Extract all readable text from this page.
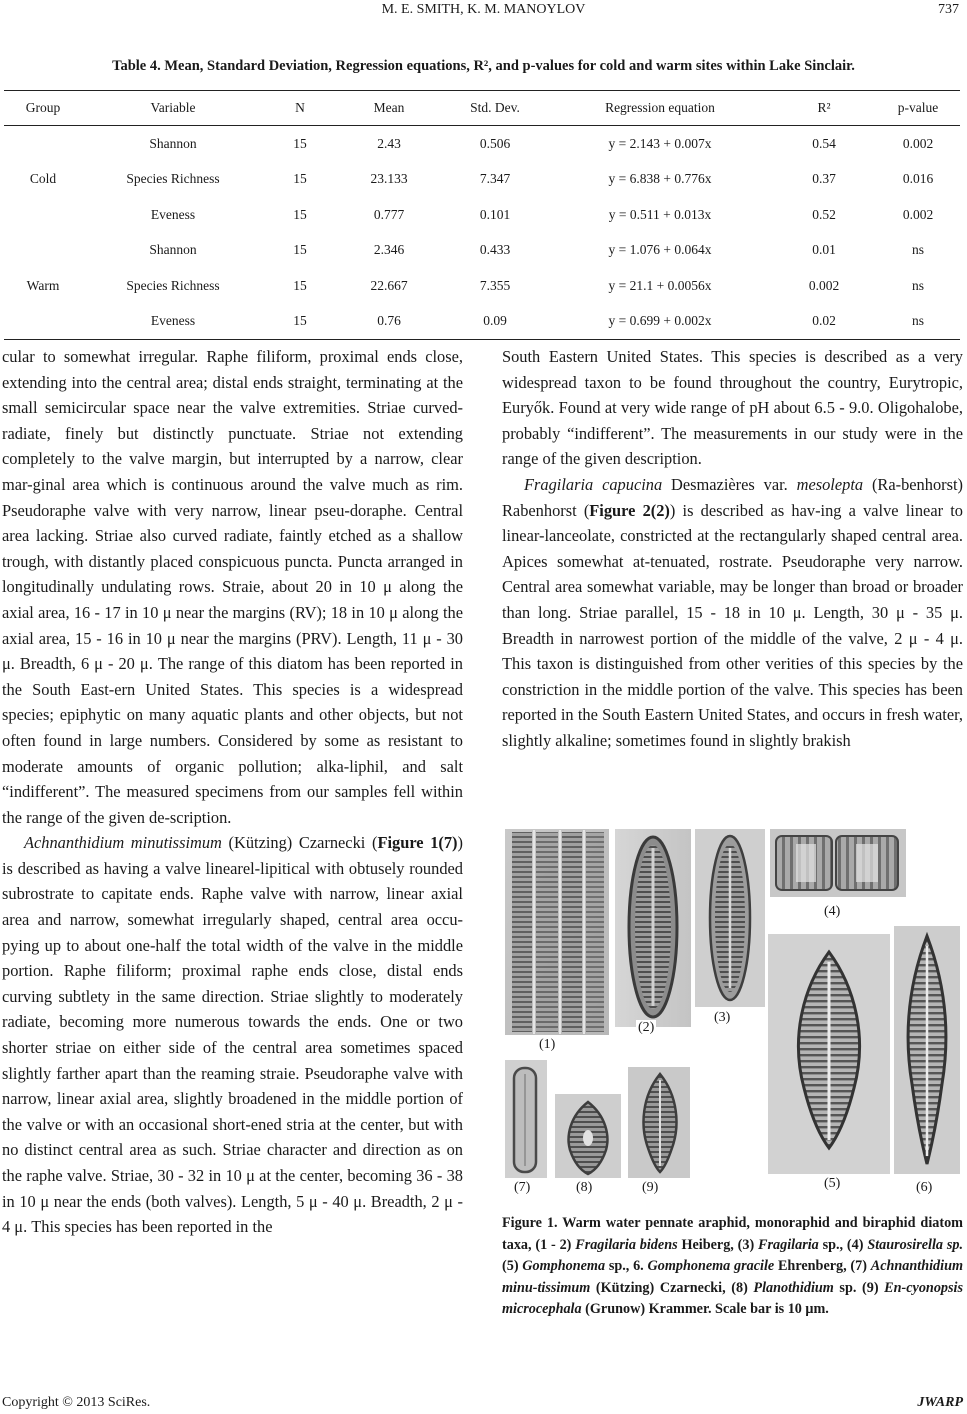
M. E. SMITH, K. M. MANOYLOV	737
Table 4. Mean, Standard Deviation, Regression equations, R², and p-values for cold and warm sites within Lake Sinclair.
Group	Variable	N	Mean	Std. Dev.	Regression equation	R²	p-value
Cold	Shannon	15	2.43	0.506	y = 2.143 + 0.007x	0.54	0.002
	Species Richness	15	23.133	7.347	y = 6.838 + 0.776x	0.37	0.016
	Eveness	15	0.777	0.101	y = 0.511 + 0.013x	0.52	0.002
Warm	Shannon	15	2.346	0.433	y = 1.076 + 0.064x	0.01	ns
	Species Richness	15	22.667	7.355	y = 21.1 + 0.0056x	0.002	ns
	Eveness	15	0.76	0.09	y = 0.699 + 0.002x	0.02	ns

cular to somewhat irregular. Raphe filiform, proximal ends close, extending into the central area; distal ends straight, terminating at the small semicircular space near the valve extremities. Striae curved-radiate, finely but distinctly punctuate. Striae not extending completely to the valve margin, but interrupted by a narrow, clear mar-ginal area which is continuous around the valve much as rim. Pseudoraphe valve with very narrow, linear pseu-doraphe. Central area lacking. Striae also curved radiate, faintly etched as a shallow trough, with distantly placed conspicuous puncta. Puncta arranged in longitudinally undulating rows. Straie, about 20 in 10 μ along the axial area, 16 - 17 in 10 μ near the margins (RV); 18 in 10 μ along the axial area, 15 - 16 in 10 μ near the margins (PRV). Length, 11 μ - 30 μ. Breadth, 6 μ - 20 μ. The range of this diatom has been reported in the South East-ern United States. This species is a widespread species; epiphytic on many aquatic plants and other objects, but not often found in large numbers. Considered by some as resistant to moderate amounts of organic pollution; alka-liphil, and salt “indifferent”. The measured specimens from our samples fell within the range of the given de-scription.

Achnanthidium minutissimum (Kützing) Czarnecki (Figure 1(7)) is described as having a valve linearel-lipitical with obtusely rounded subrostrate to capitate ends. Raphe valve with narrow, linear axial area and narrow, somewhat irregularly shaped, central area occu-pying up to about one-half the total width of the valve in the middle portion. Raphe filiform; proximal raphe ends close, distal ends curving subtlety in the same direction. Striae slightly to moderately radiate, becoming more numerous towards the ends. One or two shorter striae on either side of the central area sometimes spaced slightly farther apart than the reaming straie. Pseudoraphe valve with narrow, linear axial area, slightly broadened in the middle portion of the valve or with an occasional short-ened stria at the center, but with no distinct central area as such. Striae character and direction as on the raphe valve. Striae, 30 - 32 in 10 μ at the center, becoming 36 - 38 in 10 μ near the ends (both valves). Length, 5 μ - 40 μ. Breadth, 2 μ - 4 μ. This species has been reported in the

South Eastern United States. This species is described as a very widespread taxon to be found throughout the country, Eurytropic, Euryők. Found at very wide range of pH about 6.5 - 9.0. Oligohalobe, probably “indifferent”. The measurements in our study were in the range of the given description.

Fragilaria capucina Desmazières var. mesolepta (Ra-benhorst) Rabenhorst (Figure 2(2)) is described as hav-ing a valve linear to linear-lanceolate, constricted at the rectangularly shaped central area. Apices somewhat at-tenuated, rostrate. Pseudoraphe very narrow. Central area somewhat variable, may be longer than broad or broader than long. Striae parallel, 15 - 18 in 10 μ. Length, 30 μ - 35 μ. Breadth in narrowest portion of the middle of the valve, 2 μ - 4 μ. This taxon is distinguished from other verities of this species by the constriction in the middle portion of the valve. This species has been reported in the South Eastern United States, and occurs in fresh water, slightly alkaline; sometimes found in slightly brakish

(1)
(2)
(3)
(4)
(5)	(6)
(7)	(8)	(9)
Figure 1. Warm water pennate araphid, monoraphid and biraphid diatom taxa, (1 - 2) Fragilaria bidens Heiberg, (3) Fragilaria sp., (4) Staurosirella sp. (5) Gomphonema sp., 6. Gomphonema gracile Ehrenberg, (7) Achnanthidium minu-tissimum (Kützing) Czarnecki, (8) Planothidium sp. (9) En-cyonopsis microcephala (Grunow) Krammer. Scale bar is 10 μm.
Copyright © 2013 SciRes.	JWARP
